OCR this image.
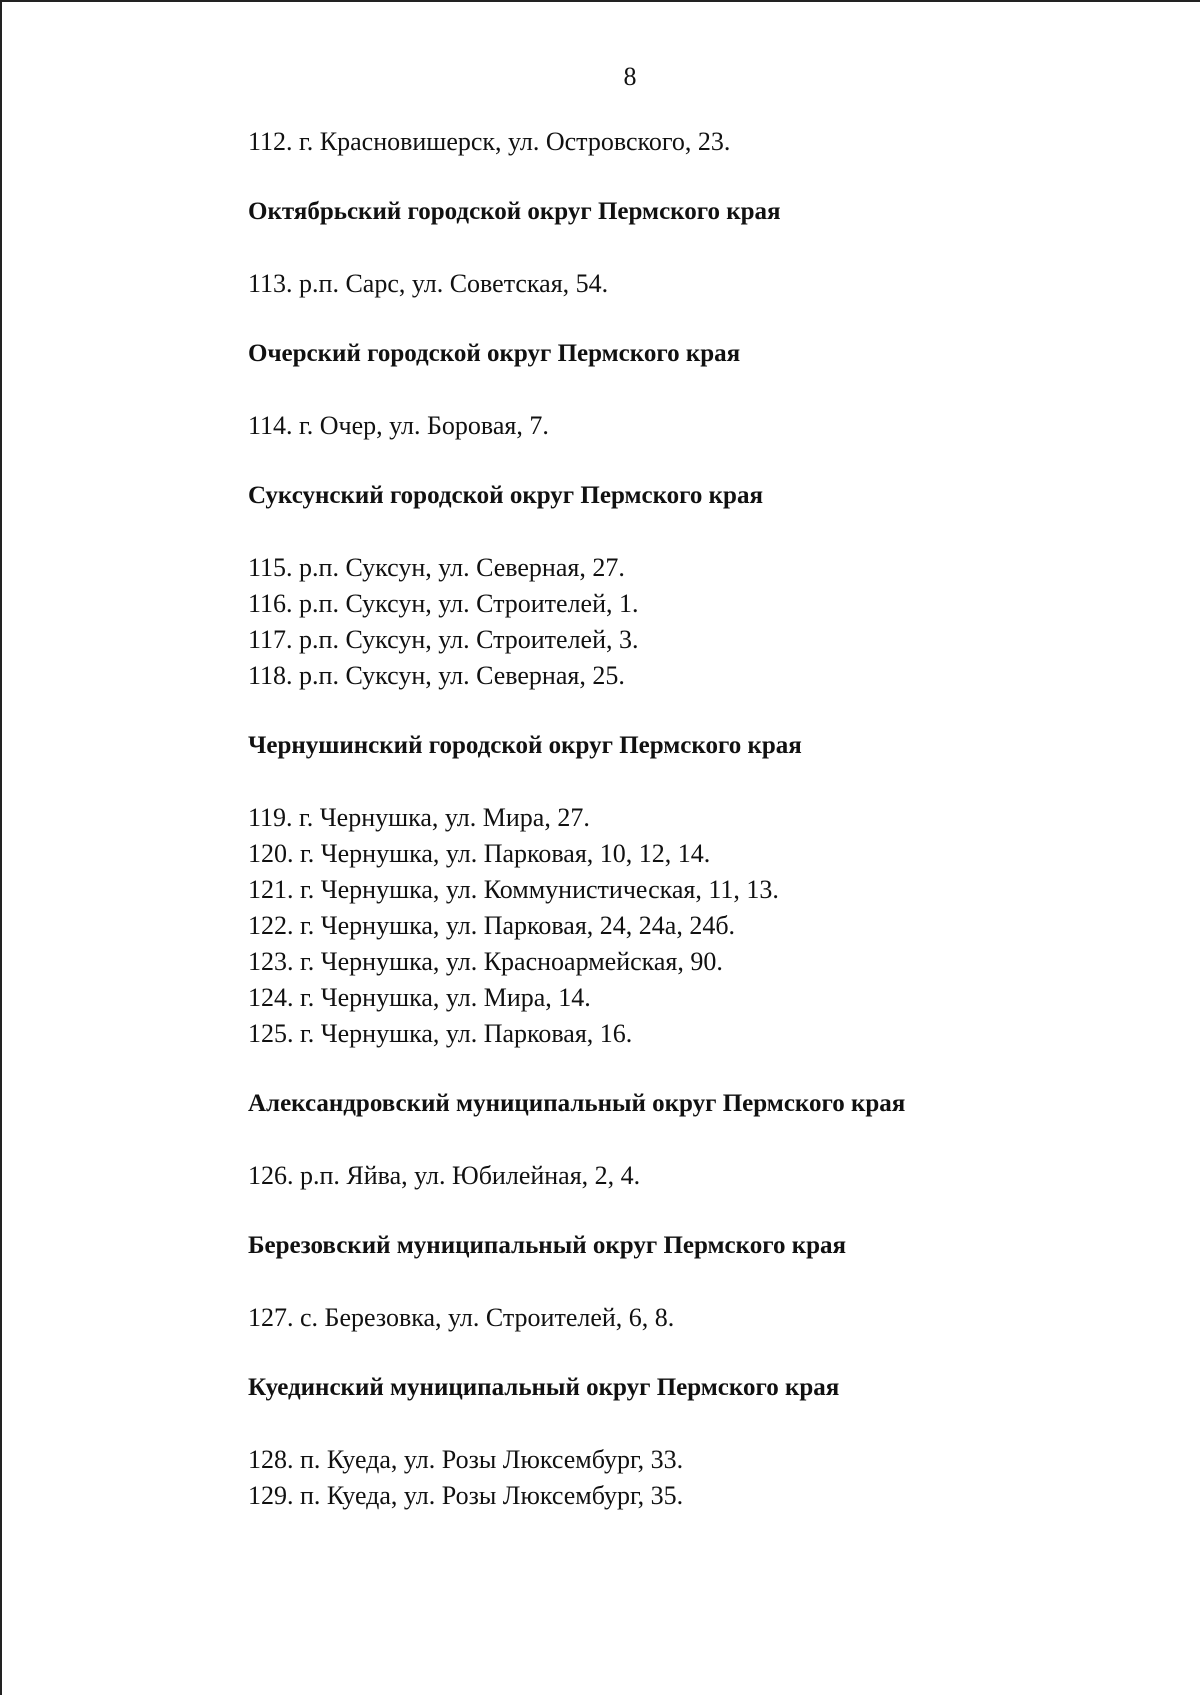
8
112. г. Красновишерск, ул. Островского, 23.
Октябрьский городской округ Пермского края
113. р.п. Сарс, ул. Советская, 54.
Очерский городской округ Пермского края
114. г. Очер, ул. Боровая, 7.
Суксунский городской округ Пермского края
115. р.п. Суксун, ул. Северная, 27.
116. р.п. Суксун, ул. Строителей, 1.
117. р.п. Суксун, ул. Строителей, 3.
118. р.п. Суксун, ул. Северная, 25.
Чернушинский городской округ Пермского края
119. г. Чернушка, ул. Мира, 27.
120. г. Чернушка, ул. Парковая, 10, 12, 14.
121. г. Чернушка, ул. Коммунистическая, 11, 13.
122. г. Чернушка, ул. Парковая, 24, 24а, 24б.
123. г. Чернушка, ул. Красноармейская, 90.
124. г. Чернушка, ул. Мира, 14.
125. г. Чернушка, ул. Парковая, 16.
Александровский муниципальный округ Пермского края
126. р.п. Яйва, ул. Юбилейная, 2, 4.
Березовский муниципальный округ Пермского края
127. с. Березовка, ул. Строителей, 6, 8.
Куединский муниципальный округ Пермского края
128. п. Куеда, ул. Розы Люксембург, 33.
129. п. Куеда, ул. Розы Люксембург, 35.
